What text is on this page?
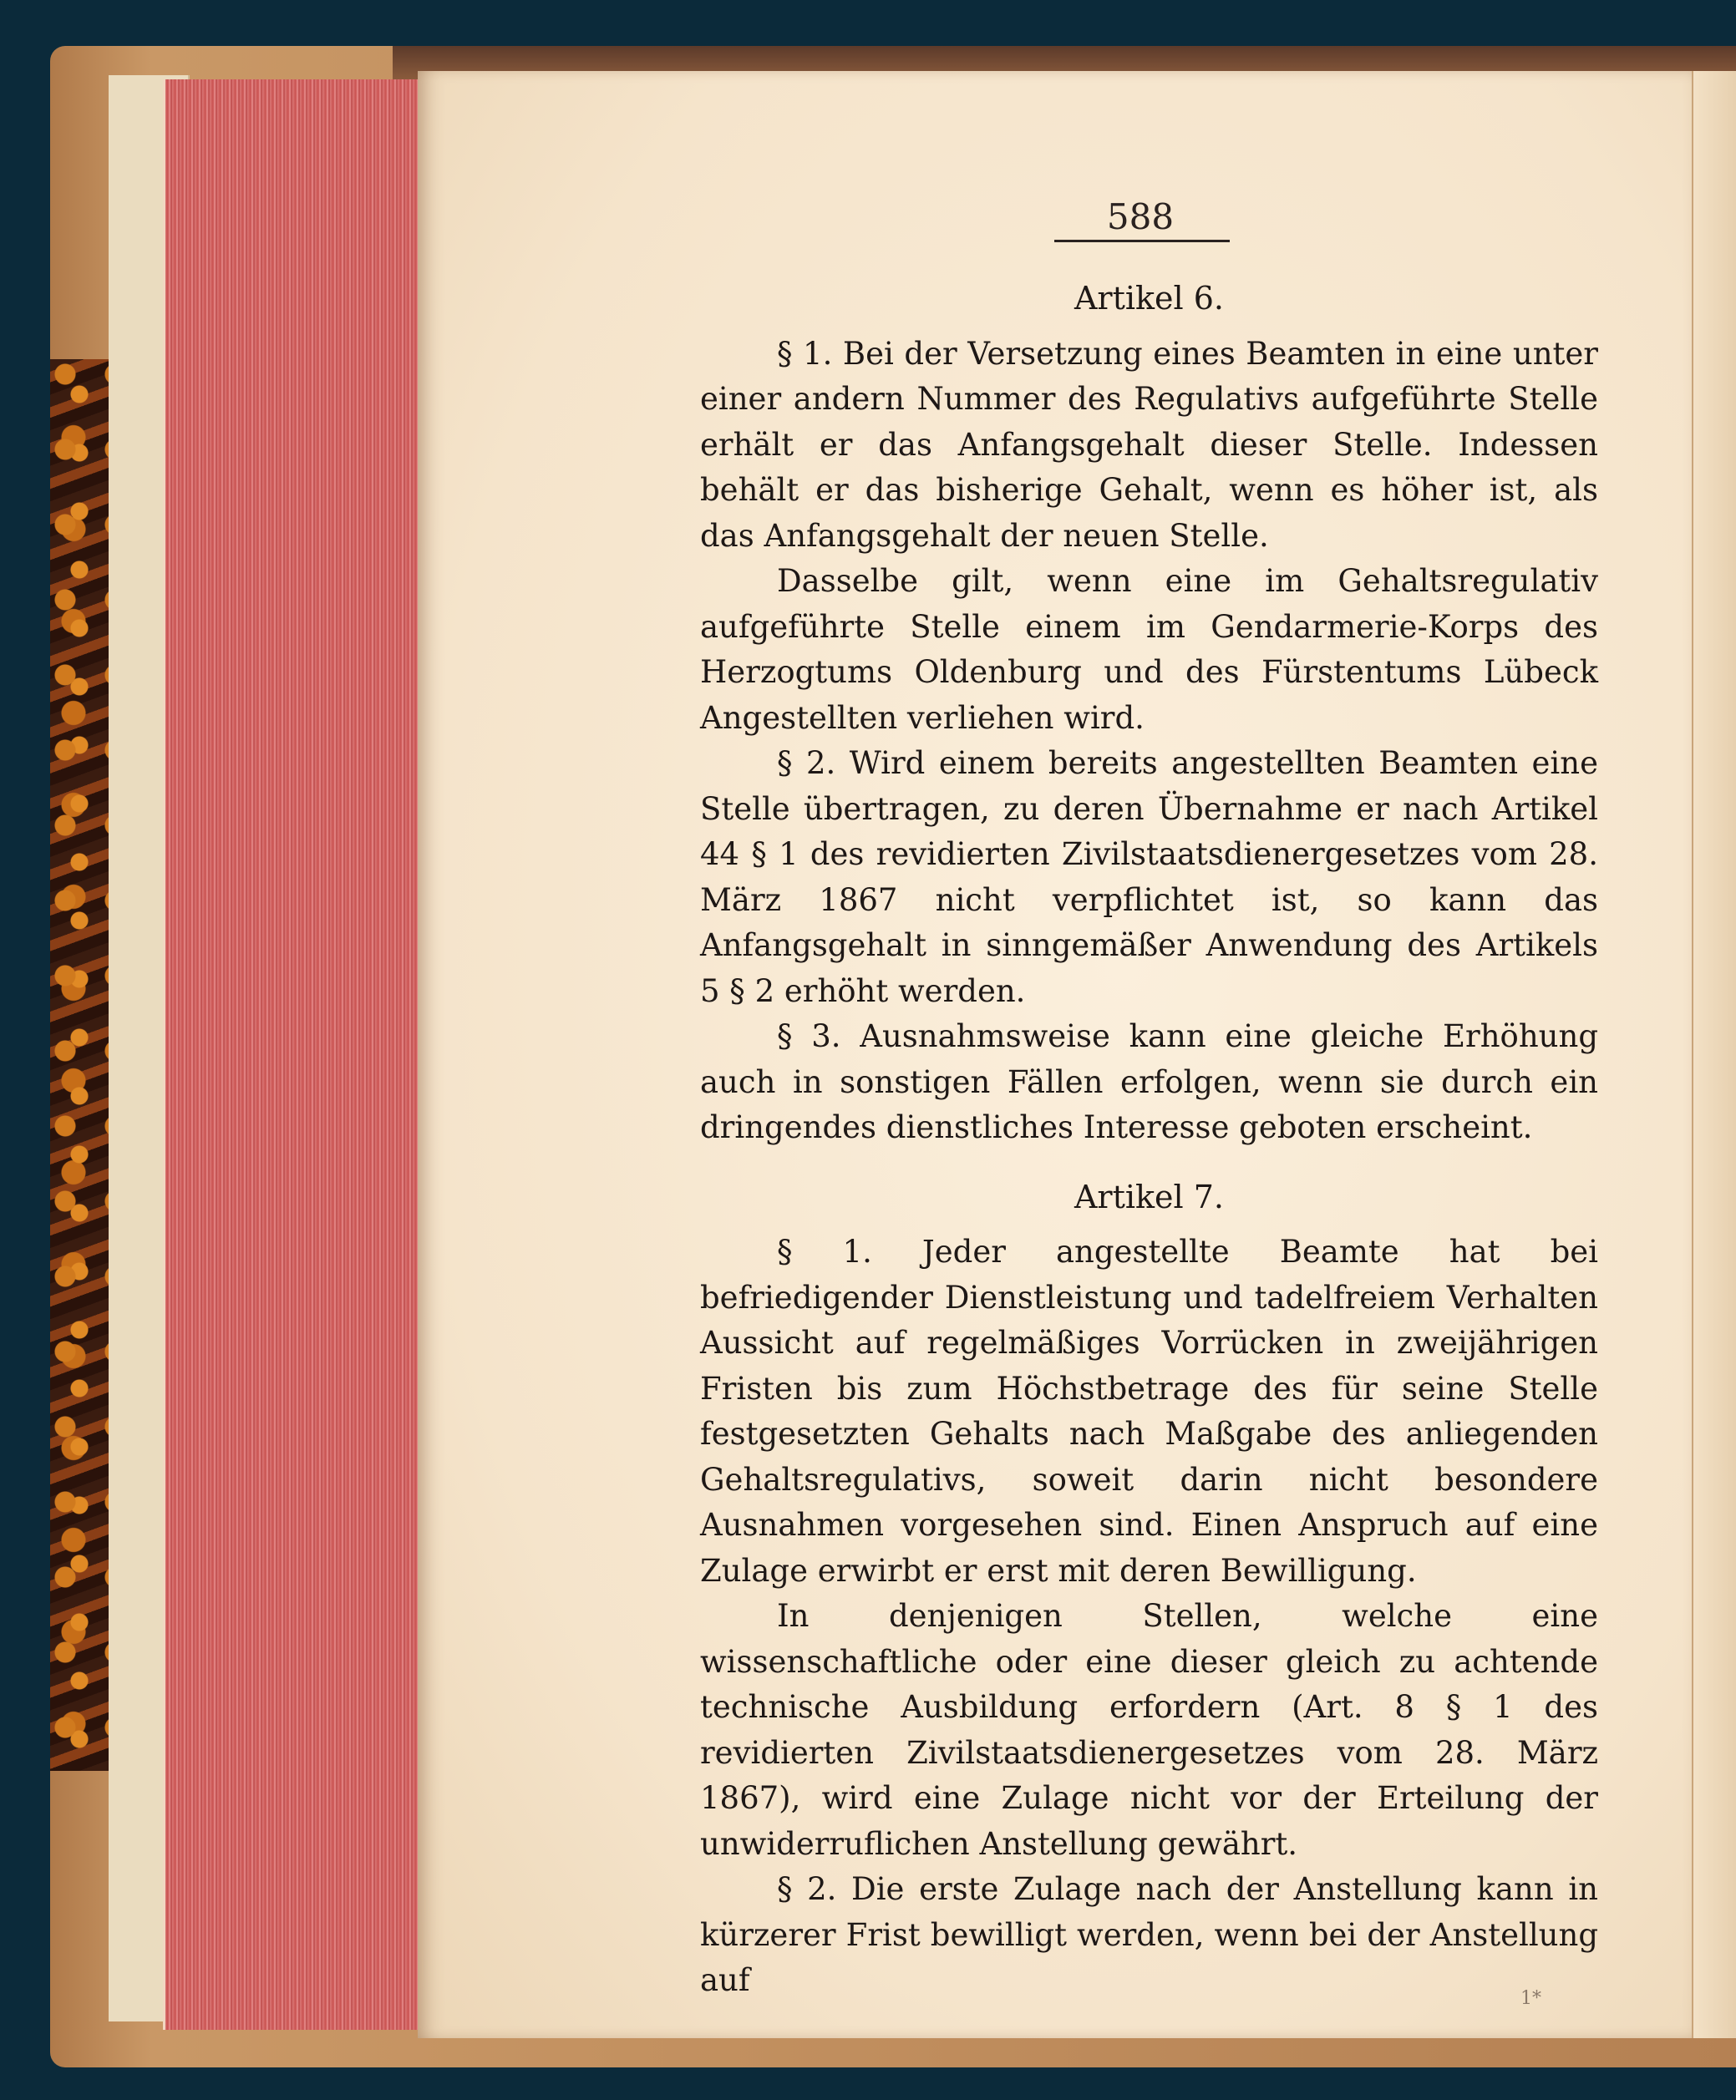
588
Artikel 6.

§ 1. Bei der Versetzung eines Beamten in eine unter einer andern Nummer des Regulativs aufgeführte Stelle erhält er das Anfangsgehalt dieser Stelle. Indessen behält er das bisherige Gehalt, wenn es höher ist, als das Anfangsgehalt der neuen Stelle.

Dasselbe gilt, wenn eine im Gehaltsregulativ aufgeführte Stelle einem im Gendarmerie-Korps des Herzogtums Oldenburg und des Fürstentums Lübeck Angestellten verliehen wird.

§ 2. Wird einem bereits angestellten Beamten eine Stelle übertragen, zu deren Übernahme er nach Artikel 44 § 1 des revidierten Zivilstaatsdienergesetzes vom 28. März 1867 nicht verpflichtet ist, so kann das Anfangsgehalt in sinngemäßer Anwendung des Artikels 5 § 2 erhöht werden.

§ 3. Ausnahmsweise kann eine gleiche Erhöhung auch in sonstigen Fällen erfolgen, wenn sie durch ein dringendes dienstliches Interesse geboten erscheint.

Artikel 7.

§ 1. Jeder angestellte Beamte hat bei befriedigender Dienstleistung und tadelfreiem Verhalten Aussicht auf regelmäßiges Vorrücken in zweijährigen Fristen bis zum Höchstbetrage des für seine Stelle festgesetzten Gehalts nach Maßgabe des anliegenden Gehaltsregulativs, soweit darin nicht besondere Ausnahmen vorgesehen sind. Einen Anspruch auf eine Zulage erwirbt er erst mit deren Bewilligung.

In denjenigen Stellen, welche eine wissenschaftliche oder eine dieser gleich zu achtende technische Ausbildung erfordern (Art. 8 § 1 des revidierten Zivilstaatsdienergesetzes vom 28. März 1867), wird eine Zulage nicht vor der Erteilung der unwiderruflichen Anstellung gewährt.

§ 2. Die erste Zulage nach der Anstellung kann in kürzerer Frist bewilligt werden, wenn bei der Anstellung auf

1*
